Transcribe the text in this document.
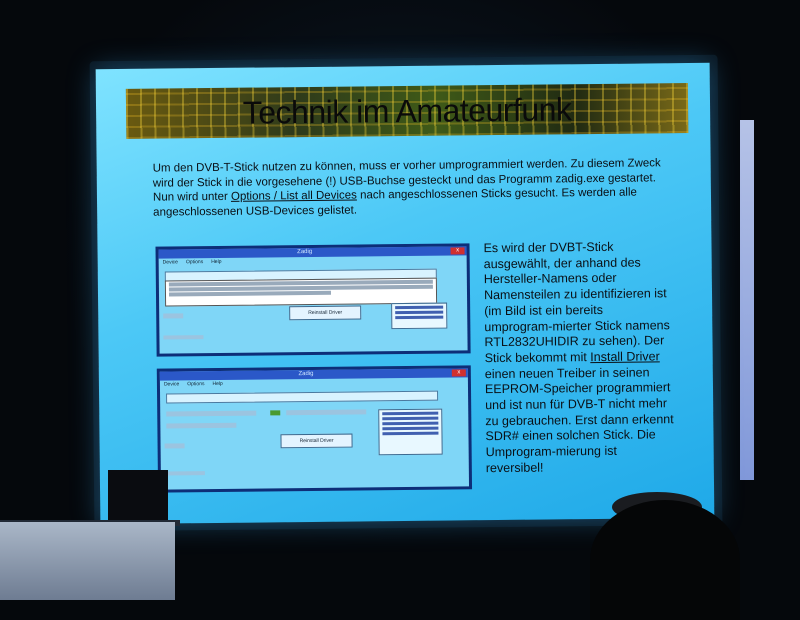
Technik im Amateurfunk
Um den DVB-T-Stick nutzen zu können, muss er vorher umprogrammiert werden. Zu diesem Zweck wird der Stick in die vorgesehene (!) USB-Buchse gesteckt und das Programm zadig.exe gestartet. Nun wird unter Options / List all Devices nach angeschlossenen Sticks gesucht. Es werden alle angeschlossenen USB-Devices gelistet.
Zadig	x
Device Options Help
Reinstall Driver
Zadig	x
Device Options Help
Reinstall Driver
Es wird der DVBT-Stick ausgewählt, der anhand des Hersteller-Namens oder Namensteilen zu identifizieren ist (im Bild ist ein bereits umprogram-mierter Stick namens RTL2832UHIDIR zu sehen). Der Stick bekommt mit Install Driver einen neuen Treiber in seinen EEPROM-Speicher programmiert und ist nun für DVB-T nicht mehr zu gebrauchen. Erst dann erkennt SDR# einen solchen Stick. Die Umprogram-mierung ist reversibel!
